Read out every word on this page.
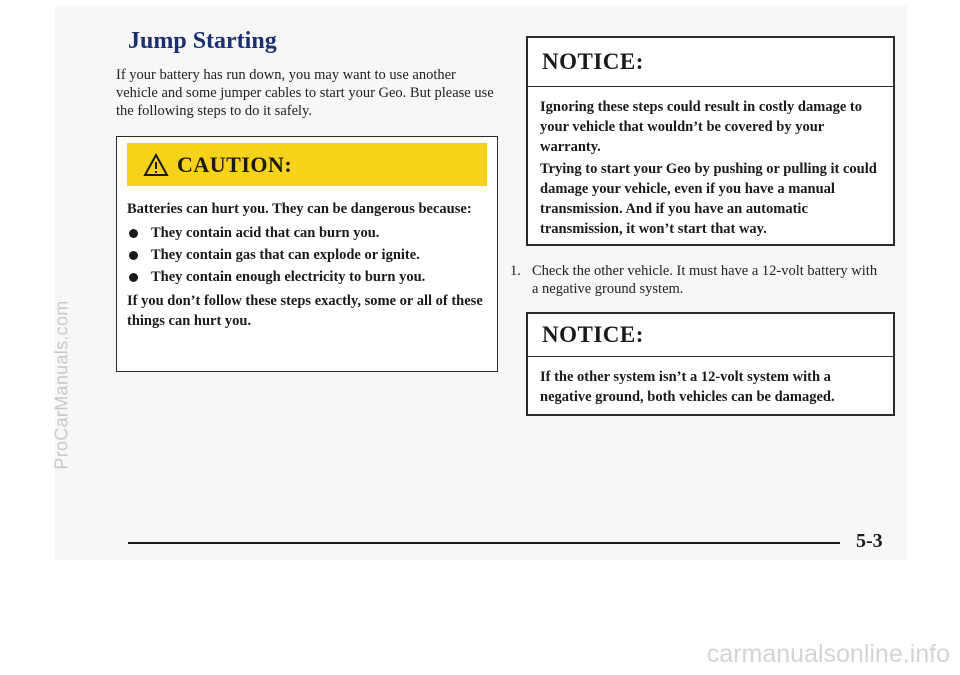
ProCarManuals.com
carmanualsonline.info
Jump Starting

If your battery has run down, you may want to use another vehicle and some jumper cables to start your Geo. But please use the following steps to do it safely.

CAUTION:

Batteries can hurt you. They can be dangerous because:

They contain acid that can burn you.
They contain gas that can explode or ignite.
They contain enough electricity to burn you.

If you don’t follow these steps exactly, some or all of these things can hurt you.

NOTICE:

Ignoring these steps could result in costly damage to your vehicle that wouldn’t be covered by your warranty.

Trying to start your Geo by pushing or pulling it could damage your vehicle, even if you have a manual transmission. And if you have an automatic transmission, it won’t start that way.

1. Check the other vehicle. It must have a 12-volt battery with a negative ground system.
NOTICE:

If the other system isn’t a 12-volt system with a negative ground, both vehicles can be damaged.

5-3
